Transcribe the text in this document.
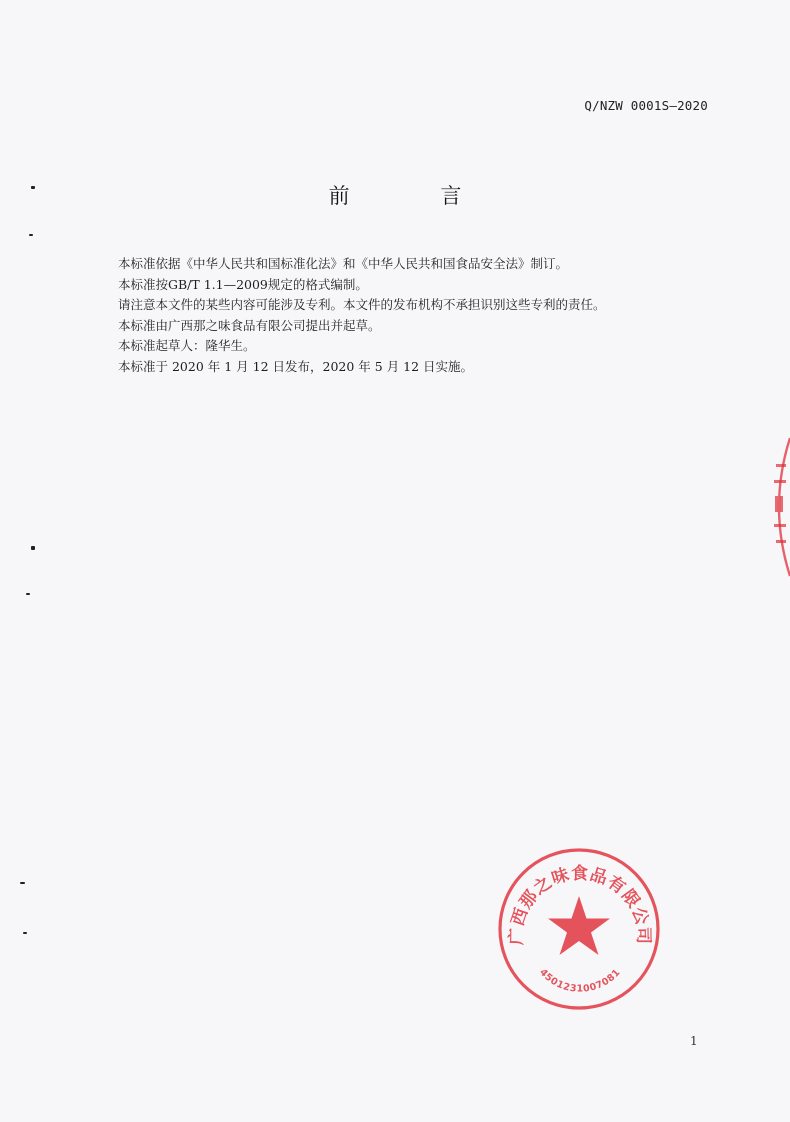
Q/NZW 0001S—2020
前 言
本标准依据《中华人民共和国标准化法》和《中华人民共和国食品安全法》制订。
本标准按GB/T 1.1—2009规定的格式编制。
请注意本文件的某些内容可能涉及专利。本文件的发布机构不承担识别这些专利的责任。
本标准由广西那之味食品有限公司提出并起草。
本标准起草人：隆华生。
本标准于 2020 年 1 月 12 日发布，2020 年 5 月 12 日实施。
广西那之味食品有限公司
4501231007081
1
